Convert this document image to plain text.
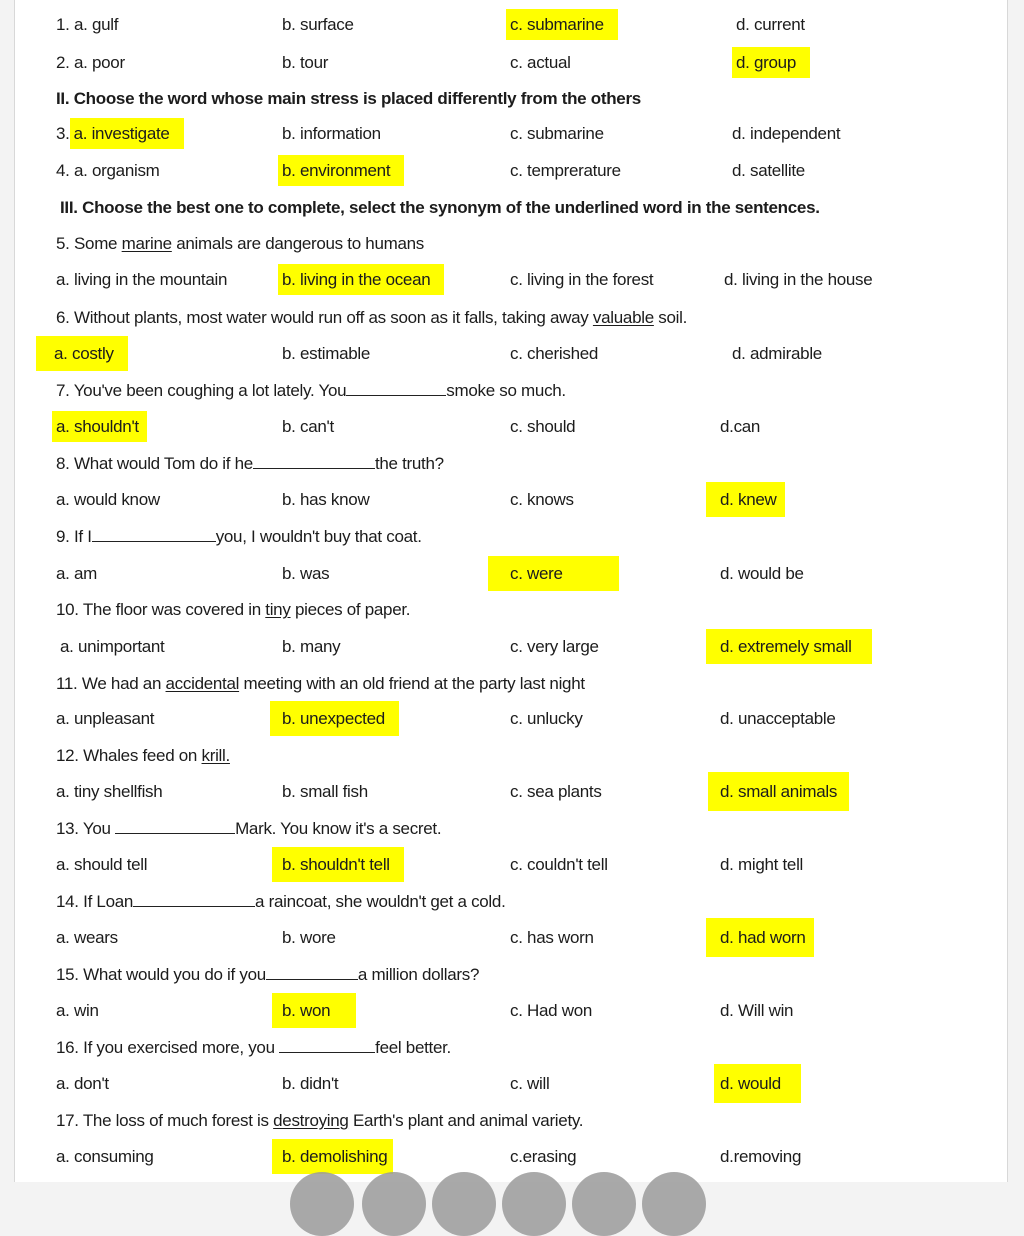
1. a. gulf	b. surface	c. submarine	d. current
2. a. poor	b. tour	c. actual	d. group
II. Choose the word whose main stress is placed differently from the others
3. a. investigate	b. information	c. submarine	d. independent
4. a. organism	b. environment	c. temprerature	d. satellite
III. Choose the best one to complete, select the synonym of the underlined word in the sentences.
5. Some marine animals are dangerous to humans
a. living in the mountain	b. living in the ocean	c. living in the forest	d. living in the house
6. Without plants, most water would run off as soon as it falls, taking away valuable soil.
a. costly	b. estimable	c. cherished	d. admirable
7. You've been coughing a lot lately. You	smoke so much.
a. shouldn't	b. can't	c. should	d.can
8. What would Tom do if he	the truth?
a. would know	b. has know	c. knows	d. knew
9. If I	you, I wouldn't buy that coat.
a. am	b. was	c. were	d. would be
10. The floor was covered in tiny pieces of paper.
a. unimportant	b. many	c. very large	d. extremely small
11. We had an accidental meeting with an old friend at the party last night
a. unpleasant	b. unexpected	c. unlucky	d. unacceptable
12. Whales feed on krill.
a. tiny shellfish	b. small fish	c. sea plants	d. small animals
13. You	Mark. You know it's a secret.
a. should tell	b. shouldn't tell	c. couldn't tell	d. might tell
14. If Loan	a raincoat, she wouldn't get a cold.
a. wears	b. wore	c. has worn	d. had worn
15. What would you do if you	a million dollars?
a. win	b. won	c. Had won	d. Will win
16. If you exercised more, you	feel better.
a. don't	b. didn't	c. will	d. would
17. The loss of much forest is destroying Earth's plant and animal variety.
a. consuming	b. demolishing	c.erasing	d.removing
